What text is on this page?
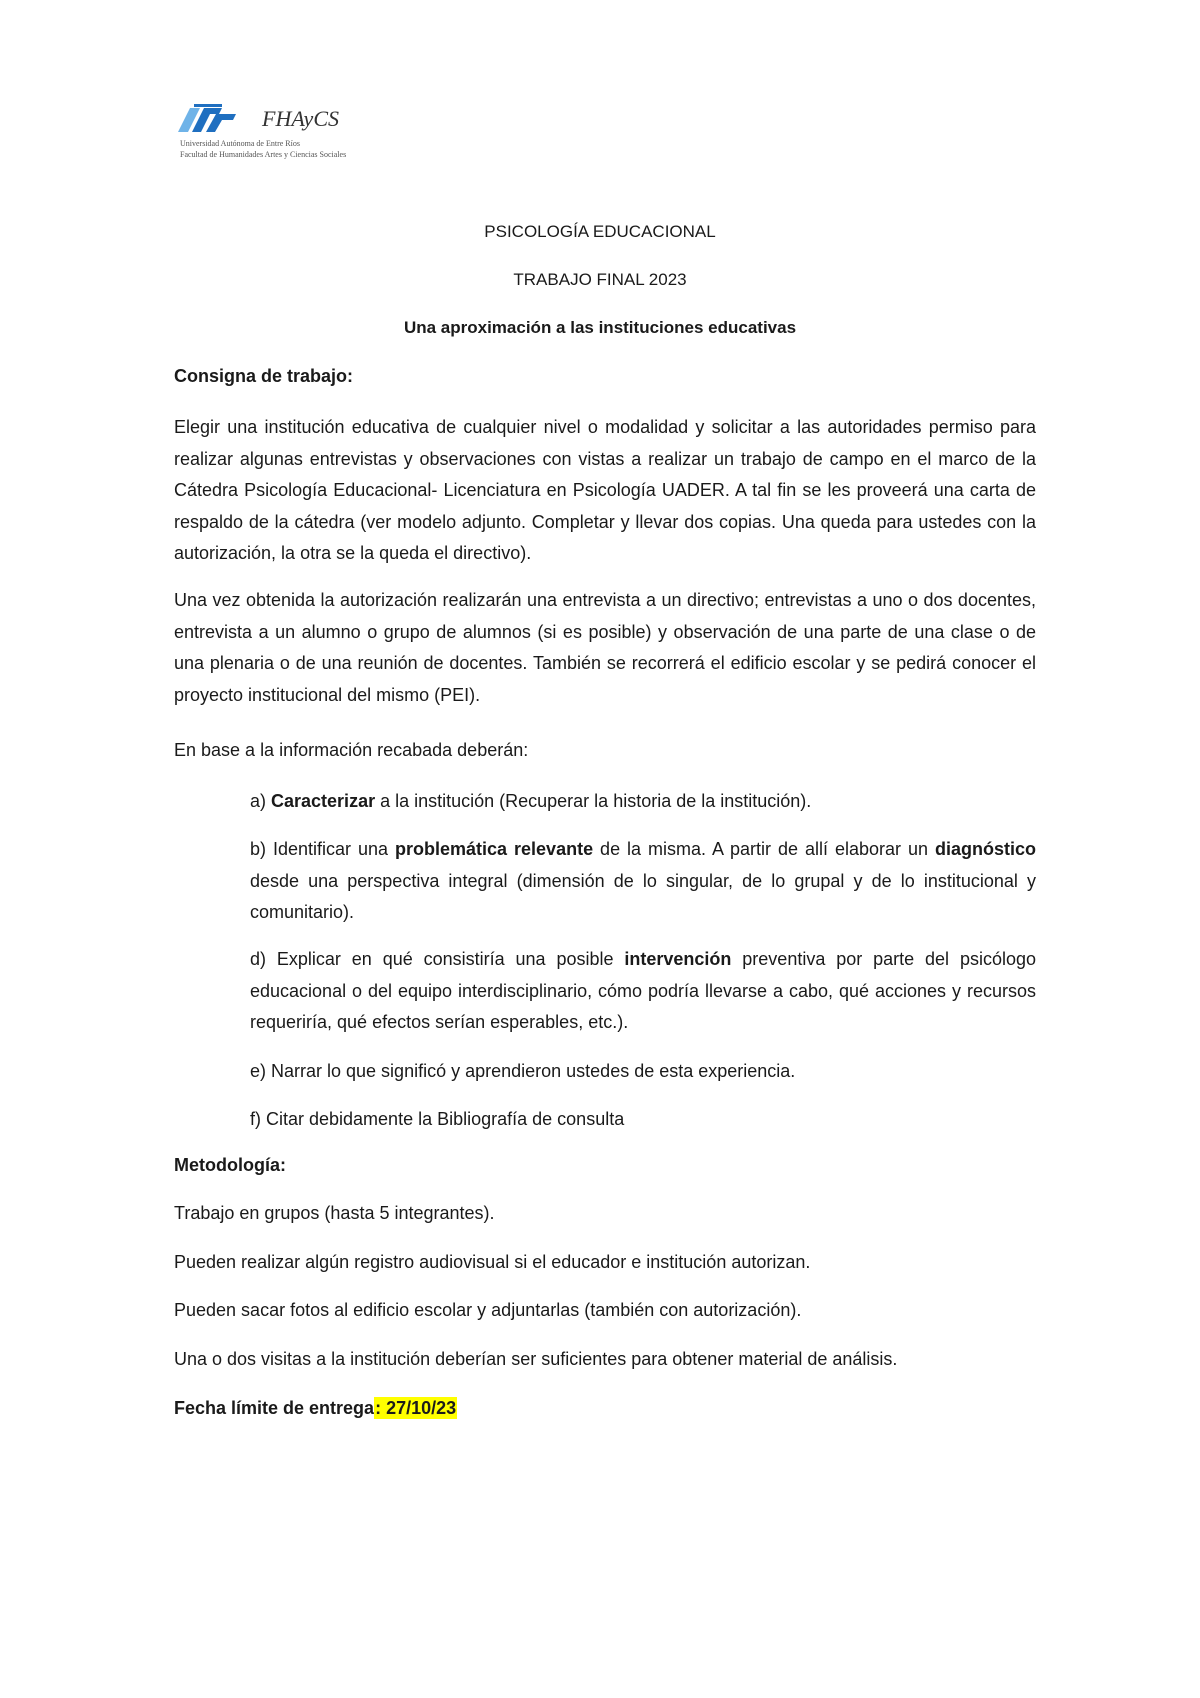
FHAyCS
Universidad Autónoma de Entre Ríos
Facultad de Humanidades Artes y Ciencias Sociales
PSICOLOGÍA EDUCACIONAL
TRABAJO FINAL 2023
Una aproximación a las instituciones educativas
Consigna de trabajo:
Elegir una institución educativa de cualquier nivel o modalidad y solicitar a las autoridades permiso para realizar algunas entrevistas y observaciones con vistas a realizar un trabajo de campo en el marco de la Cátedra Psicología Educacional- Licenciatura en Psicología UADER. A tal fin se les proveerá una carta de respaldo de la cátedra (ver modelo adjunto. Completar y llevar dos copias. Una queda para ustedes con la autorización, la otra se la queda el directivo).
Una vez obtenida la autorización realizarán una entrevista a un directivo; entrevistas a uno o dos docentes, entrevista a un alumno o grupo de alumnos (si es posible) y observación de una parte de una clase o de una plenaria o de una reunión de docentes. También se recorrerá el edificio escolar y se pedirá conocer el proyecto institucional del mismo (PEI).
En base a la información recabada deberán:
a) Caracterizar a la institución (Recuperar la historia de la institución).
b) Identificar una problemática relevante de la misma. A partir de allí elaborar un diagnóstico desde una perspectiva integral (dimensión de lo singular, de lo grupal y de lo institucional y comunitario).
d) Explicar en qué consistiría una posible intervención preventiva por parte del psicólogo educacional o del equipo interdisciplinario, cómo podría llevarse a cabo, qué acciones y recursos requeriría, qué efectos serían esperables, etc.).
e) Narrar lo que significó y aprendieron ustedes de esta experiencia.
f) Citar debidamente la Bibliografía de consulta
Metodología:
Trabajo en grupos (hasta 5 integrantes).
Pueden realizar algún registro audiovisual si el educador e institución autorizan.
Pueden sacar fotos al edificio escolar y adjuntarlas (también con autorización).
Una o dos visitas a la institución deberían ser suficientes para obtener material de análisis.
Fecha límite de entrega: 27/10/23
